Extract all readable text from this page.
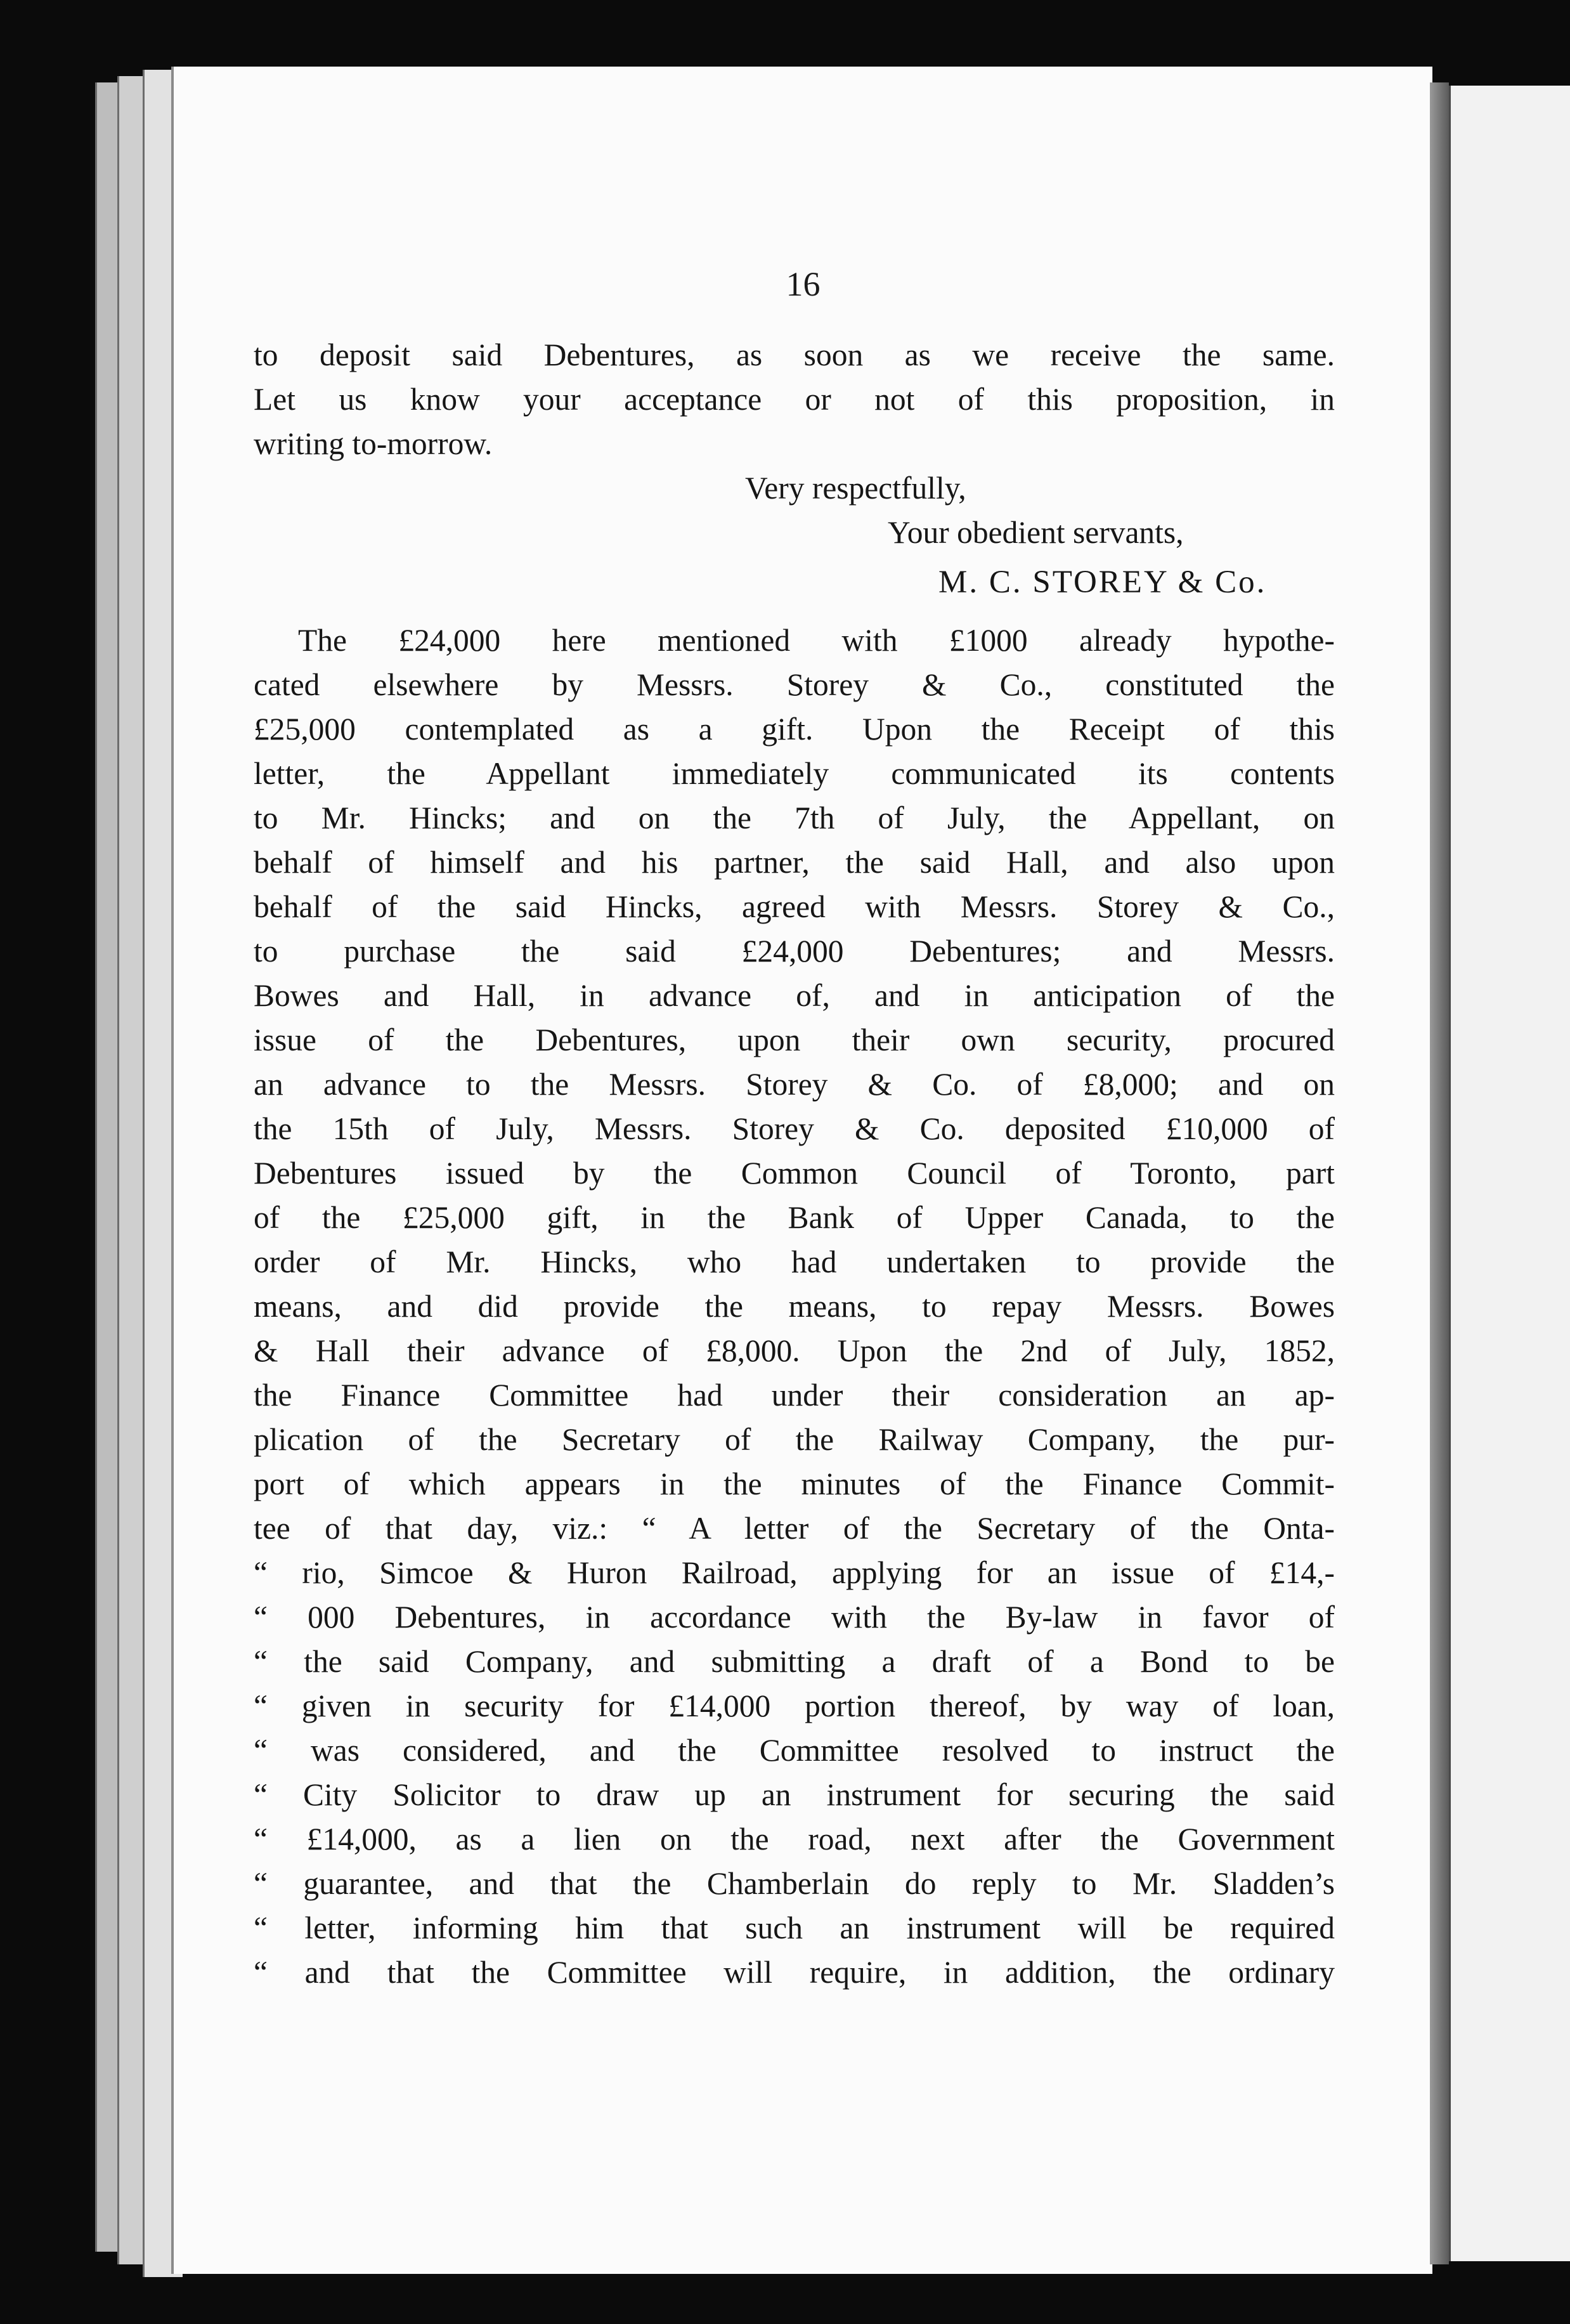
16
to deposit said Debentures, as soon as we receive the same.
Let us know your acceptance or not of this proposition, in
writing to-morrow.
Very respectfully,
Your obedient servants,
M. C. STOREY & Co.
The £24,000 here mentioned with £1000 already hypothe-
cated elsewhere by Messrs. Storey & Co., constituted the
£25,000 contemplated as a gift. Upon the Receipt of this
letter, the Appellant immediately communicated its contents
to Mr. Hincks; and on the 7th of July, the Appellant, on
behalf of himself and his partner, the said Hall, and also upon
behalf of the said Hincks, agreed with Messrs. Storey & Co.,
to purchase the said £24,000 Debentures; and Messrs.
Bowes and Hall, in advance of, and in anticipation of the
issue of the Debentures, upon their own security, procured
an advance to the Messrs. Storey & Co. of £8,000; and on
the 15th of July, Messrs. Storey & Co. deposited £10,000 of
Debentures issued by the Common Council of Toronto, part
of the £25,000 gift, in the Bank of Upper Canada, to the
order of Mr. Hincks, who had undertaken to provide the
means, and did provide the means, to repay Messrs. Bowes
& Hall their advance of £8,000. Upon the 2nd of July, 1852,
the Finance Committee had under their consideration an ap-
plication of the Secretary of the Railway Company, the pur-
port of which appears in the minutes of the Finance Commit-
tee of that day, viz.: “ A letter of the Secretary of the Onta-
“ rio, Simcoe & Huron Railroad, applying for an issue of £14,-
“ 000 Debentures, in accordance with the By-law in favor of
“ the said Company, and submitting a draft of a Bond to be
“ given in security for £14,000 portion thereof, by way of loan,
“ was considered, and the Committee resolved to instruct the
“ City Solicitor to draw up an instrument for securing the said
“ £14,000, as a lien on the road, next after the Government
“ guarantee, and that the Chamberlain do reply to Mr. Sladden’s
“ letter, informing him that such an instrument will be required
“ and that the Committee will require, in addition, the ordinary
